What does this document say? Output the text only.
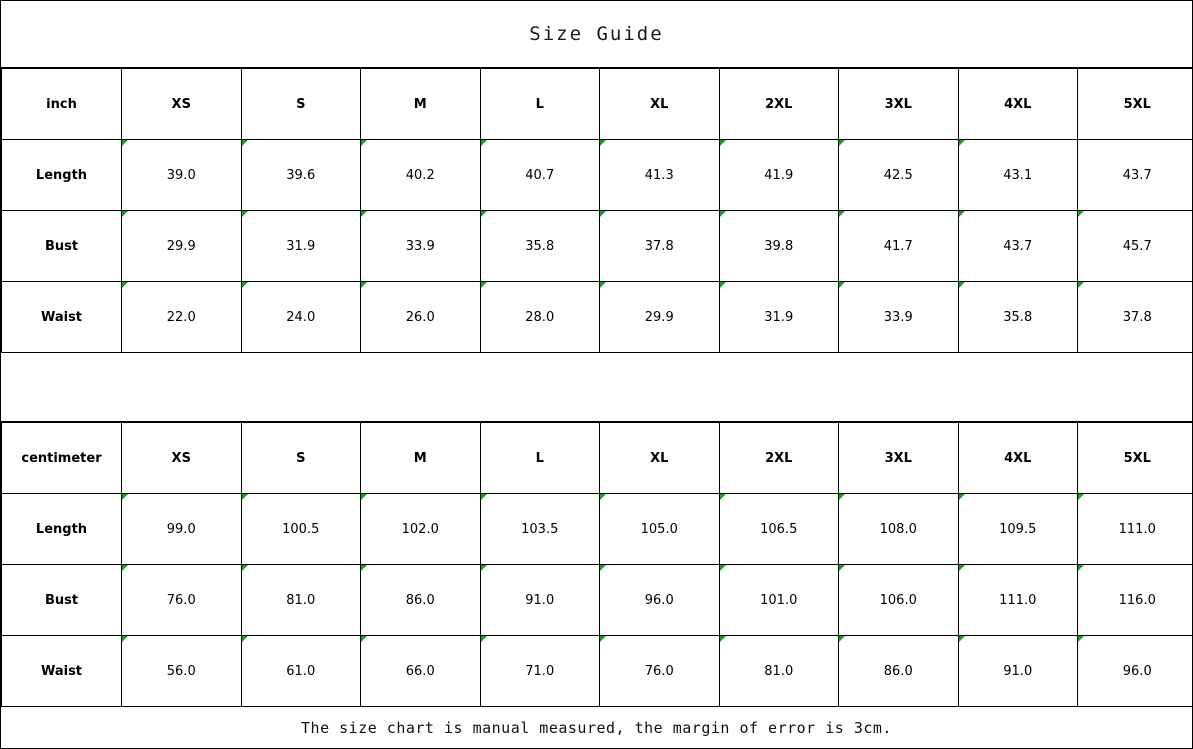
Size Guide
inch	XS	S	M	L	XL	2XL	3XL	4XL	5XL
Length	39.0	39.6	40.2	40.7	41.3	41.9	42.5	43.1	43.7
Bust	29.9	31.9	33.9	35.8	37.8	39.8	41.7	43.7	45.7
Waist	22.0	24.0	26.0	28.0	29.9	31.9	33.9	35.8	37.8
centimeter	XS	S	M	L	XL	2XL	3XL	4XL	5XL
Length	99.0	100.5	102.0	103.5	105.0	106.5	108.0	109.5	111.0
Bust	76.0	81.0	86.0	91.0	96.0	101.0	106.0	111.0	116.0
Waist	56.0	61.0	66.0	71.0	76.0	81.0	86.0	91.0	96.0
The size chart is manual measured, the margin of error is 3cm.
